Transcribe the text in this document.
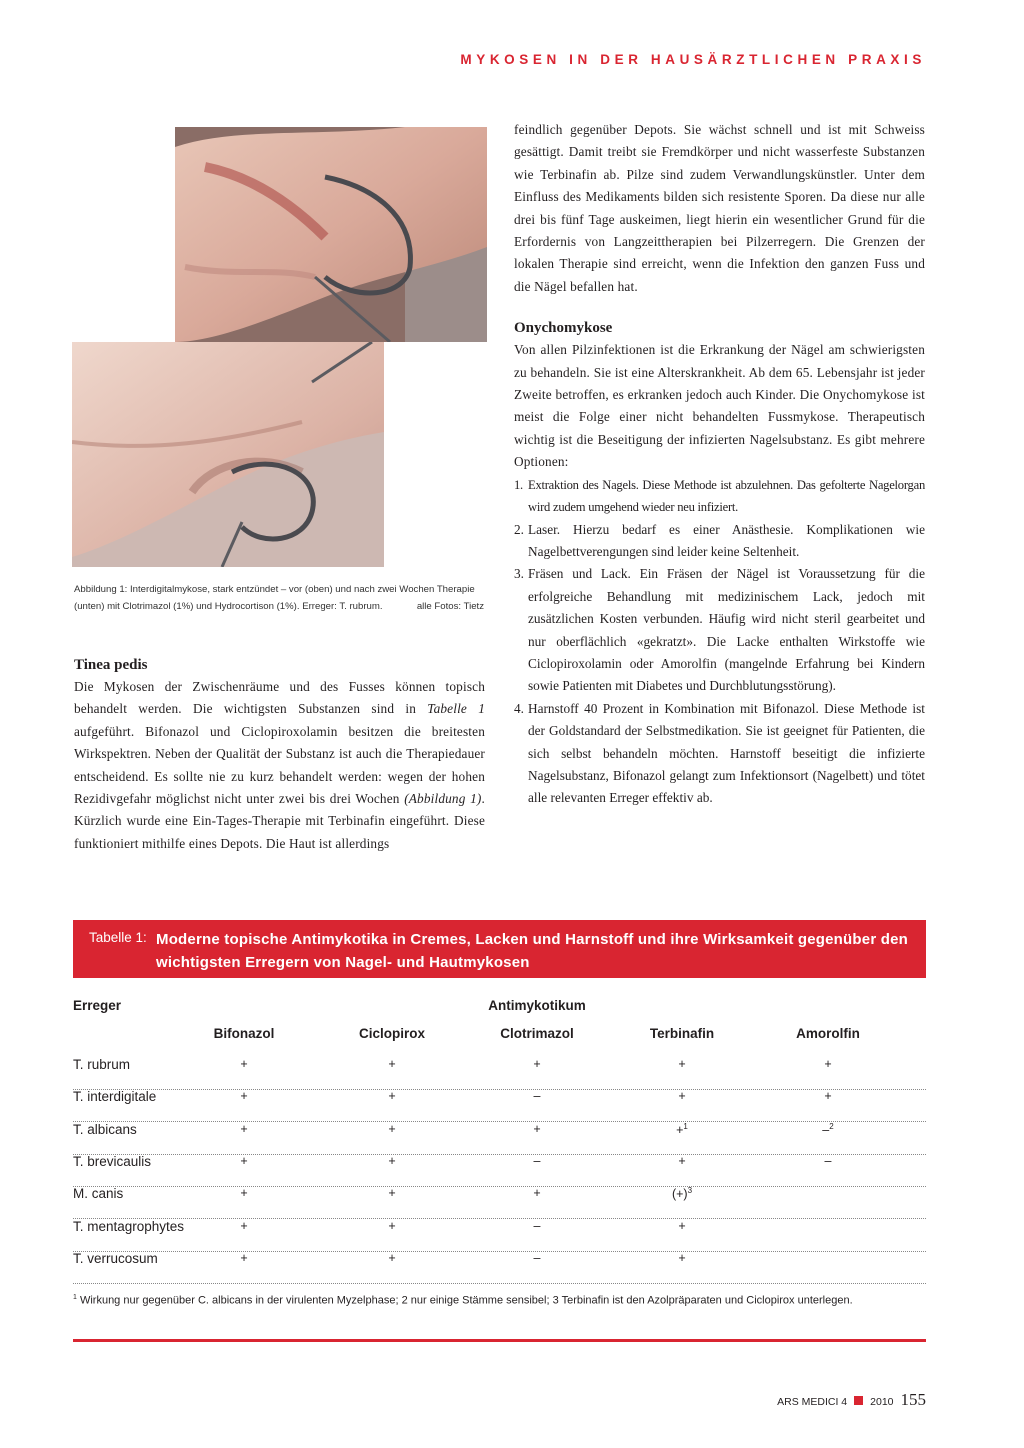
MYKOSEN IN DER HAUSÄRZTLICHEN PRAXIS
Abbildung 1: Interdigitalmykose, stark entzündet – vor (oben) und nach zwei Wochen Therapie (unten) mit Clotrimazol (1%) und Hydrocortison (1%). Erreger: T. rubrum.	alle Fotos: Tietz
Tinea pedis

Die Mykosen der Zwischenräume und des Fusses können topisch behandelt werden. Die wichtigsten Substanzen sind in Tabelle 1 aufgeführt. Bifonazol und Ciclopiroxolamin besitzen die breitesten Wirkspektren. Neben der Qualität der Substanz ist auch die Therapiedauer entscheidend. Es sollte nie zu kurz behandelt werden: wegen der hohen Rezidivgefahr möglichst nicht unter zwei bis drei Wochen (Abbildung 1). Kürzlich wurde eine Ein-Tages-Therapie mit Terbinafin eingeführt. Diese funktioniert mithilfe eines Depots. Die Haut ist allerdings

feindlich gegenüber Depots. Sie wächst schnell und ist mit Schweiss gesättigt. Damit treibt sie Fremdkörper und nicht wasserfeste Substanzen wie Terbinafin ab. Pilze sind zudem Verwandlungskünstler. Unter dem Einfluss des Medikaments bilden sich resistente Sporen. Da diese nur alle drei bis fünf Tage auskeimen, liegt hierin ein wesentlicher Grund für die Erfordernis von Langzeittherapien bei Pilzerregern. Die Grenzen der lokalen Therapie sind erreicht, wenn die Infektion den ganzen Fuss und die Nägel befallen hat.

Onychomykose

Von allen Pilzinfektionen ist die Erkrankung der Nägel am schwierigsten zu behandeln. Sie ist eine Alterskrankheit. Ab dem 65. Lebensjahr ist jeder Zweite betroffen, es erkranken jedoch auch Kinder. Die Onychomykose ist meist die Folge einer nicht behandelten Fussmykose. Therapeutisch wichtig ist die Beseitigung der infizierten Nagelsubstanz. Es gibt mehrere Optionen:

1. Extraktion des Nagels. Diese Methode ist abzulehnen. Das gefolterte Nagelorgan wird zudem umgehend wieder neu infiziert.
2. Laser. Hierzu bedarf es einer Anästhesie. Komplikationen wie Nagelbettverengungen sind leider keine Seltenheit.
3. Fräsen und Lack. Ein Fräsen der Nägel ist Voraussetzung für die erfolgreiche Behandlung mit medizinischem Lack, jedoch mit zusätzlichen Kosten verbunden. Häufig wird nicht steril gearbeitet und nur oberflächlich «gekratzt». Die Lacke enthalten Wirkstoffe wie Ciclopiroxolamin oder Amorolfin (mangelnde Erfahrung bei Kindern sowie Patienten mit Diabetes und Durchblutungsstörung).
4. Harnstoff 40 Prozent in Kombination mit Bifonazol. Diese Methode ist der Goldstandard der Selbstmedikation. Sie ist geeignet für Patienten, die sich selbst behandeln möchten. Harnstoff beseitigt die infizierte Nagelsubstanz, Bifonazol gelangt zum Infektionsort (Nagelbett) und tötet alle relevanten Erreger effektiv ab.
Tabelle 1: Moderne topische Antimykotika in Cremes, Lacken und Harnstoff und ihre Wirksamkeit gegenüber den wichtigsten Erregern von Nagel- und Hautmykosen
Erreger	Antimykotikum
Bifonazol	Ciclopirox	Clotrimazol	Terbinafin	Amorolfin
T. rubrum	+	+	+	+	+
T. interdigitale	+	+	–	+	+
T. albicans	+	+	+	+$^1$	–$^2$
T. brevicaulis	+	+	–	+	–
M. canis	+	+	+	$(+)^3$
T. mentagrophytes	+	+	–	+
T. verrucosum	+	+	–	+
$^1$ Wirkung nur gegenüber C. albicans in der virulenten Myzelphase; 2 nur einige Stämme sensibel; 3 Terbinafin ist den Azolpräparaten und Ciclopirox unterlegen.
ARS MEDICI 4 2010 155
